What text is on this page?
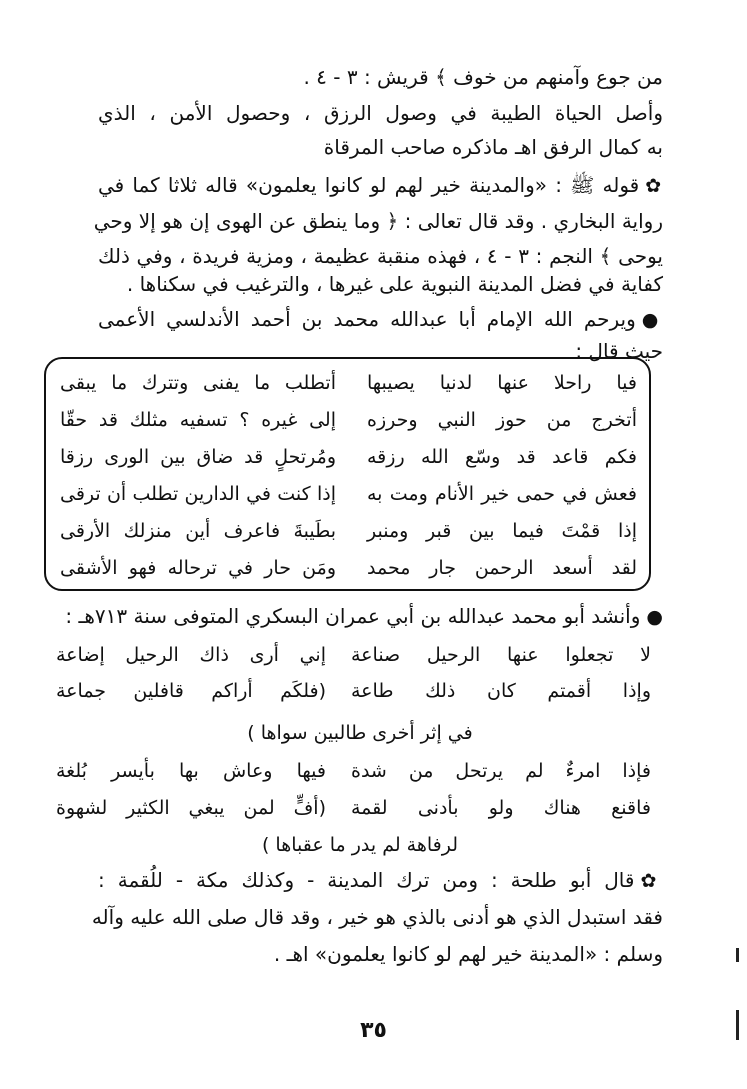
من جوع وآمنهم من خوف ﴾ قريش : ٣ - ٤ .
وأصل الحياة الطيبة في وصول الرزق ، وحصول الأمن ، الذي
به كمال الرفق اهـ ماذكره صاحب المرقاة
✿قوله ﷺ : «والمدينة خير لهم لو كانوا يعلمون» قاله ثلاثا كما في
رواية البخاري . وقد قال تعالى : ﴿ وما ينطق عن الهوى إن هو إلا وحي
يوحى ﴾ النجم : ٣ - ٤ ، فهذه منقبة عظيمة ، ومزية فريدة ، وفي ذلك
كفاية في فضل المدينة النبوية على غيرها ، والترغيب في سكناها .
●ويرحم الله الإمام أبا عبدالله محمد بن أحمد الأندلسي الأعمى
حيث قال :
فيا راحلا عنها لدنيا يصيبها
أتطلب ما يفنى وتترك ما يبقى
أتخرج من حوز النبي وحرزه
إلى غيره ؟ تسفيه مثلك قد حقّا
فكم قاعد قد وسّع الله رزقه
ومُرتحلٍ قد ضاق بين الورى رزقا
فعش في حمى خير الأنام ومت به
إذا كنت في الدارين تطلب أن ترقى
إذا قمْتَ فيما بين قبر ومنبر
بطَيبةَ فاعرف أين منزلك الأرقى
لقد أسعد الرحمن جار محمد
ومَن حار في ترحاله فهو الأشقى
●وأنشد أبو محمد عبدالله بن أبي عمران البسكري المتوفى سنة ٧١٣هـ :
لا تجعلوا عنها الرحيل صناعة
إني أرى ذاك الرحيل إضاعة
وإذا أقمتم كان ذلك طاعة
(فلكَم أراكم قافلين جماعة
في إثر أخرى طالبين سواها )
فإذا امرءٌ لم يرتحل من شدة
فيها وعاش بها بأيسر بُلغة
فاقنع هناك ولو بأدنى لقمة
(أفٍّ لمن يبغي الكثير لشهوة
لرفاهة لم يدر ما عقباها )
✿قال أبو طلحة : ومن ترك المدينة - وكذلك مكة - للُقمة :
فقد استبدل الذي هو أدنى بالذي هو خير ، وقد قال صلى الله عليه وآله
وسلم : «المدينة خير لهم لو كانوا يعلمون» اهـ .
٣٥
